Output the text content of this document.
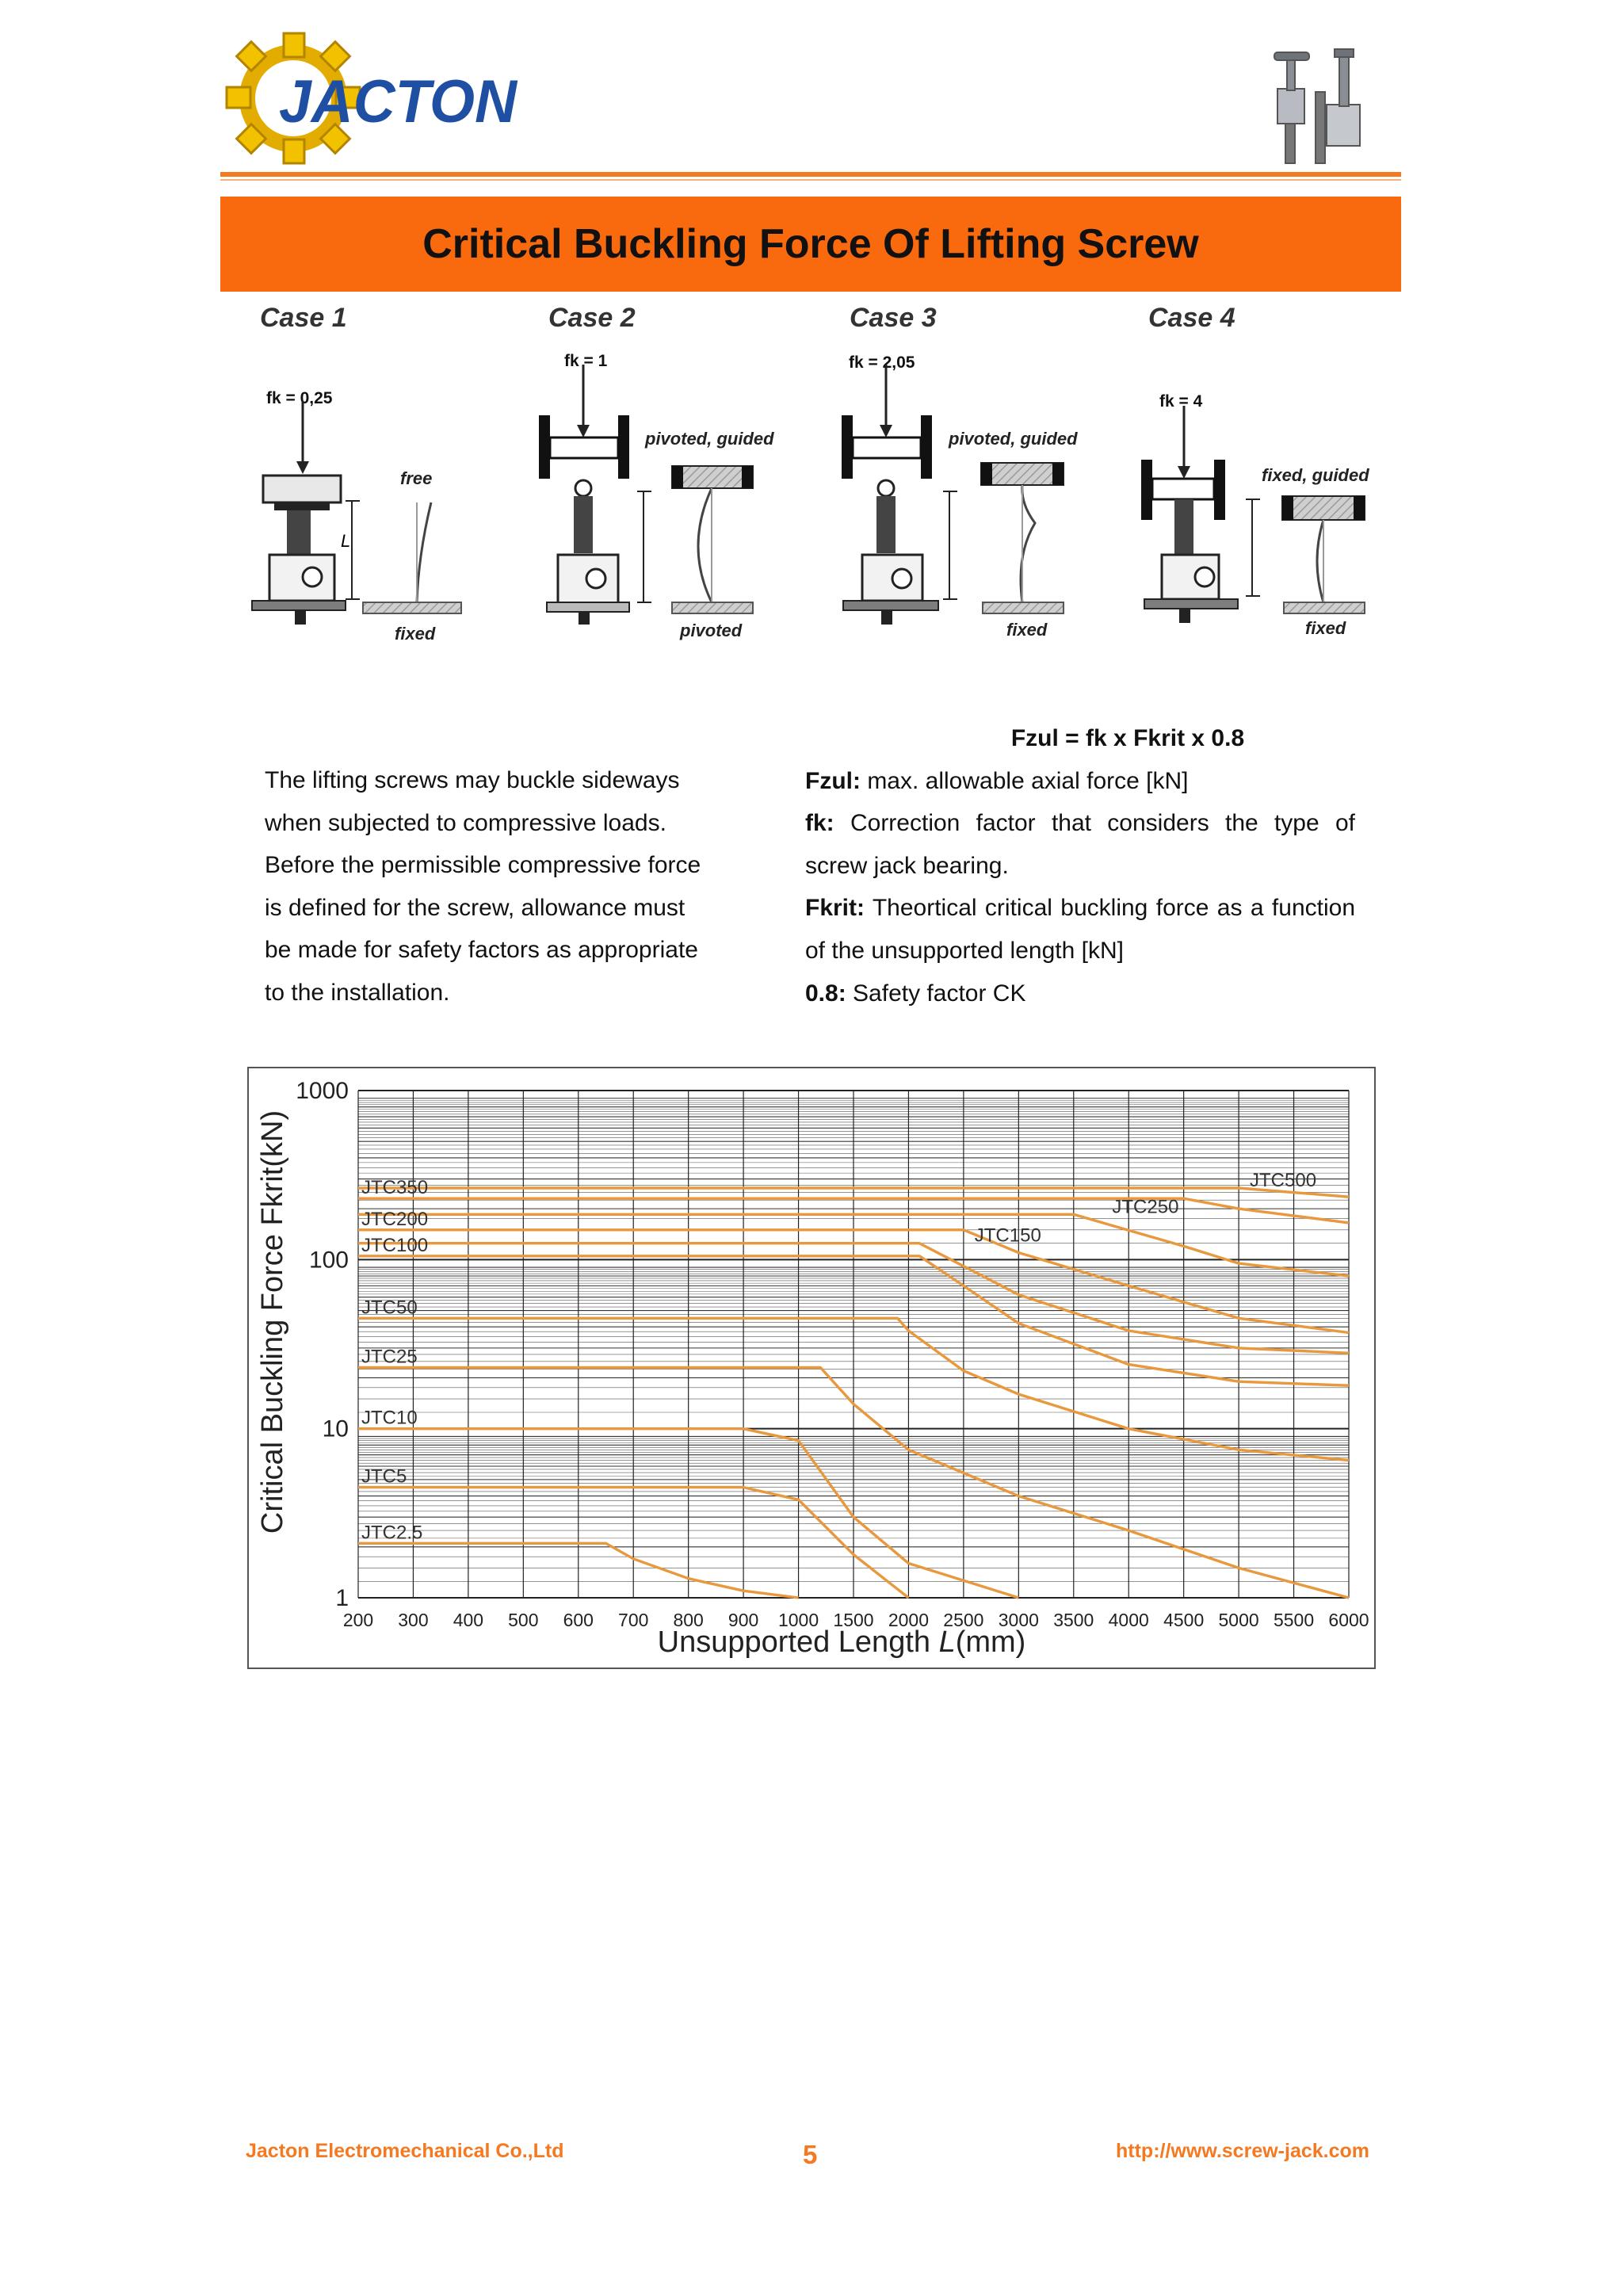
JACTON
Critical Buckling Force Of Lifting Screw
Case 1	Case 2	Case 3	Case 4
fk = 0,25
fk = 1	fk = 2,05
fk = 4
free
pivoted, guided	pivoted, guided
fixed, guided
fixed	pivoted	fixed	fixed
L
The lifting screws may buckle sideways
when subjected to compressive loads.
Before the permissible compressive force
is defined for the screw, allowance must
be made for safety factors as appropriate
to the installation.
Fzul = fk x Fkrit x 0.8

Fzul: max. allowable axial force [kN]

fk: Correction factor that considers the type of screw jack bearing.

Fkrit: Theortical critical buckling force as a function of the unsupported length [kN]

0.8: Safety factor CK

200 300 400 500 600 700 800 900 1000 1500 2000 2500 3000 3500 4000 4500 5000 5500 6000
1
10
100
1000
JTC2.5
JTC5
JTC10
JTC25
JTC50
JTC100	JTC150
JTC200
JTC250
JTC350	JTC500
Critical Buckling Force Fkrit(kN)
Unsupported Length L(mm)
Jacton Electromechanical Co.,Ltd	5	http://www.screw-jack.com
